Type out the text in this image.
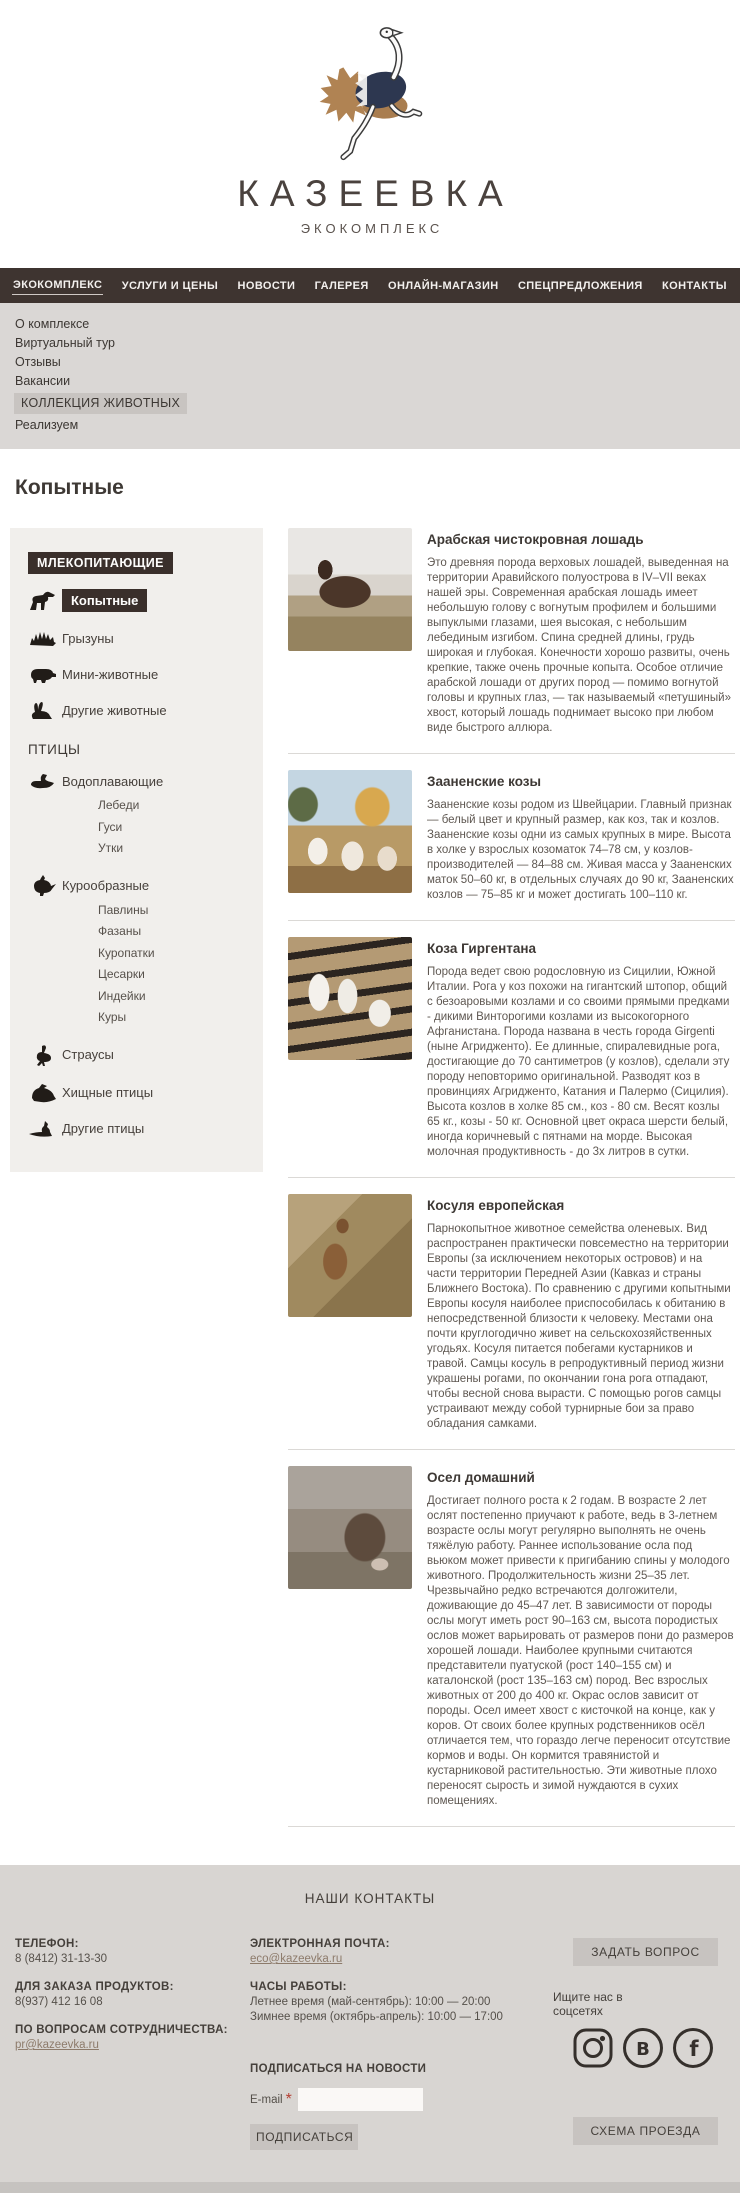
КАЗЕЕВКА
ЭКОКОМПЛЕКС
ЭКОКОМПЛЕКС УСЛУГИ И ЦЕНЫ НОВОСТИ ГАЛЕРЕЯ ОНЛАЙН-МАГАЗИН СПЕЦПРЕДЛОЖЕНИЯ КОНТАКТЫ
О комплексе
Виртуальный тур
Отзывы
Вакансии
КОЛЛЕКЦИЯ ЖИВОТНЫХ
Реализуем
Копытные
МЛЕКОПИТАЮЩИЕ
Копытные
Грызуны
Мини-животные
Другие животные
ПТИЦЫ
Водоплавающие
Лебеди
Гуси
Утки
Курообразные
Павлины
Фазаны
Куропатки
Цесарки
Индейки
Куры
Страусы
Хищные птицы
Другие птицы
Арабская чистокровная лошадь

Это древняя порода верховых лошадей, выведенная на территории Аравийского полуострова в IV–VII веках нашей эры. Современная арабская лошадь имеет небольшую голову с вогнутым профилем и большими выпуклыми глазами, шея высокая, с небольшим лебединым изгибом. Спина средней длины, грудь широкая и глубокая. Конечности хорошо развиты, очень крепкие, также очень прочные копыта. Особое отличие арабской лошади от других пород — помимо вогнутой головы и крупных глаз, — так называемый «петушиный» хвост, который лошадь поднимает высоко при любом виде быстрого аллюра.

Зааненские козы

Зааненские козы родом из Швейцарии. Главный признак — белый цвет и крупный размер, как коз, так и козлов. Зааненские козы одни из самых крупных в мире. Высота в холке у взрослых козоматок 74–78 см, у козлов-производителей — 84–88 см. Живая масса у Зааненских маток 50–60 кг, в отдельных случаях до 90 кг, Зааненских козлов — 75–85 кг и может достигать 100–110 кг.

Коза Гиргентана

Порода ведет свою родословную из Сицилии, Южной Италии. Рога у коз похожи на гигантский штопор, общий с безоаровыми козлами и со своими прямыми предками - дикими Винторогими козлами из высокогорного Афганистана. Порода названа в честь города Girgenti (ныне Агридженто). Ее длинные, спиралевидные рога, достигающие до 70 сантиметров (у козлов), сделали эту породу неповторимо оригинальной. Разводят коз в провинциях Агридженто, Катания и Палермо (Сицилия). Высота козлов в холке 85 см., коз - 80 см. Весят козлы 65 кг., козы - 50 кг. Основной цвет окраса шерсти белый, иногда коричневый с пятнами на морде. Высокая молочная продуктивность - до 3х литров в сутки.

Косуля европейская

Парнокопытное животное семейства оленевых. Вид распространен практически повсеместно на территории Европы (за исключением некоторых островов) и на части территории Передней Азии (Кавказ и страны Ближнего Востока). По сравнению с другими копытными Европы косуля наиболее приспособилась к обитанию в непосредственной близости к человеку. Местами она почти круглогодично живет на сельскохозяйственных угодьях. Косуля питается побегами кустарников и травой. Самцы косуль в репродуктивный период жизни украшены рогами, по окончании гона рога отпадают, чтобы весной снова вырасти. С помощью рогов самцы устраивают между собой турнирные бои за право обладания самками.

Осел домашний

Достигает полного роста к 2 годам. В возрасте 2 лет ослят постепенно приучают к работе, ведь в 3-летнем возрасте ослы могут регулярно выполнять не очень тяжёлую работу. Раннее использование осла под вьюком может привести к пригибанию спины у молодого животного. Продолжительность жизни 25–35 лет. Чрезвычайно редко встречаются долгожители, доживающие до 45–47 лет. В зависимости от породы ослы могут иметь рост 90–163 см, высота породистых ослов может варьировать от размеров пони до размеров хорошей лошади. Наиболее крупными считаются представители пуатуской (рост 140–155 см) и каталонской (рост 135–163 см) пород. Вес взрослых животных от 200 до 400 кг. Окрас ослов зависит от породы. Осел имеет хвост с кисточкой на конце, как у коров. От своих более крупных родственников осёл отличается тем, что гораздо легче переносит отсутствие кормов и воды. Он кормится травянистой и кустарниковой растительностью. Эти животные плохо переносят сырость и зимой нуждаются в сухих помещениях.

НАШИ КОНТАКТЫ
ТЕЛЕФОН:
8 (8412) 31-13-30
ДЛЯ ЗАКАЗА ПРОДУКТОВ:
8(937) 412 16 08
ПО ВОПРОСАМ СОТРУДНИЧЕСТВА:
pr@kazeevka.ru
ЭЛЕКТРОННАЯ ПОЧТА:
eco@kazeevka.ru
ЧАСЫ РАБОТЫ:
Летнее время (май-сентябрь): 10:00 — 20:00
Зимнее время (октябрь-апрель): 10:00 — 17:00
ПОДПИСАТЬСЯ НА НОВОСТИ
E-mail *
ПОДПИСАТЬСЯ
ЗАДАТЬ ВОПРОС
Ищите нас в соцсетях
В f
СХЕМА ПРОЕЗДА
